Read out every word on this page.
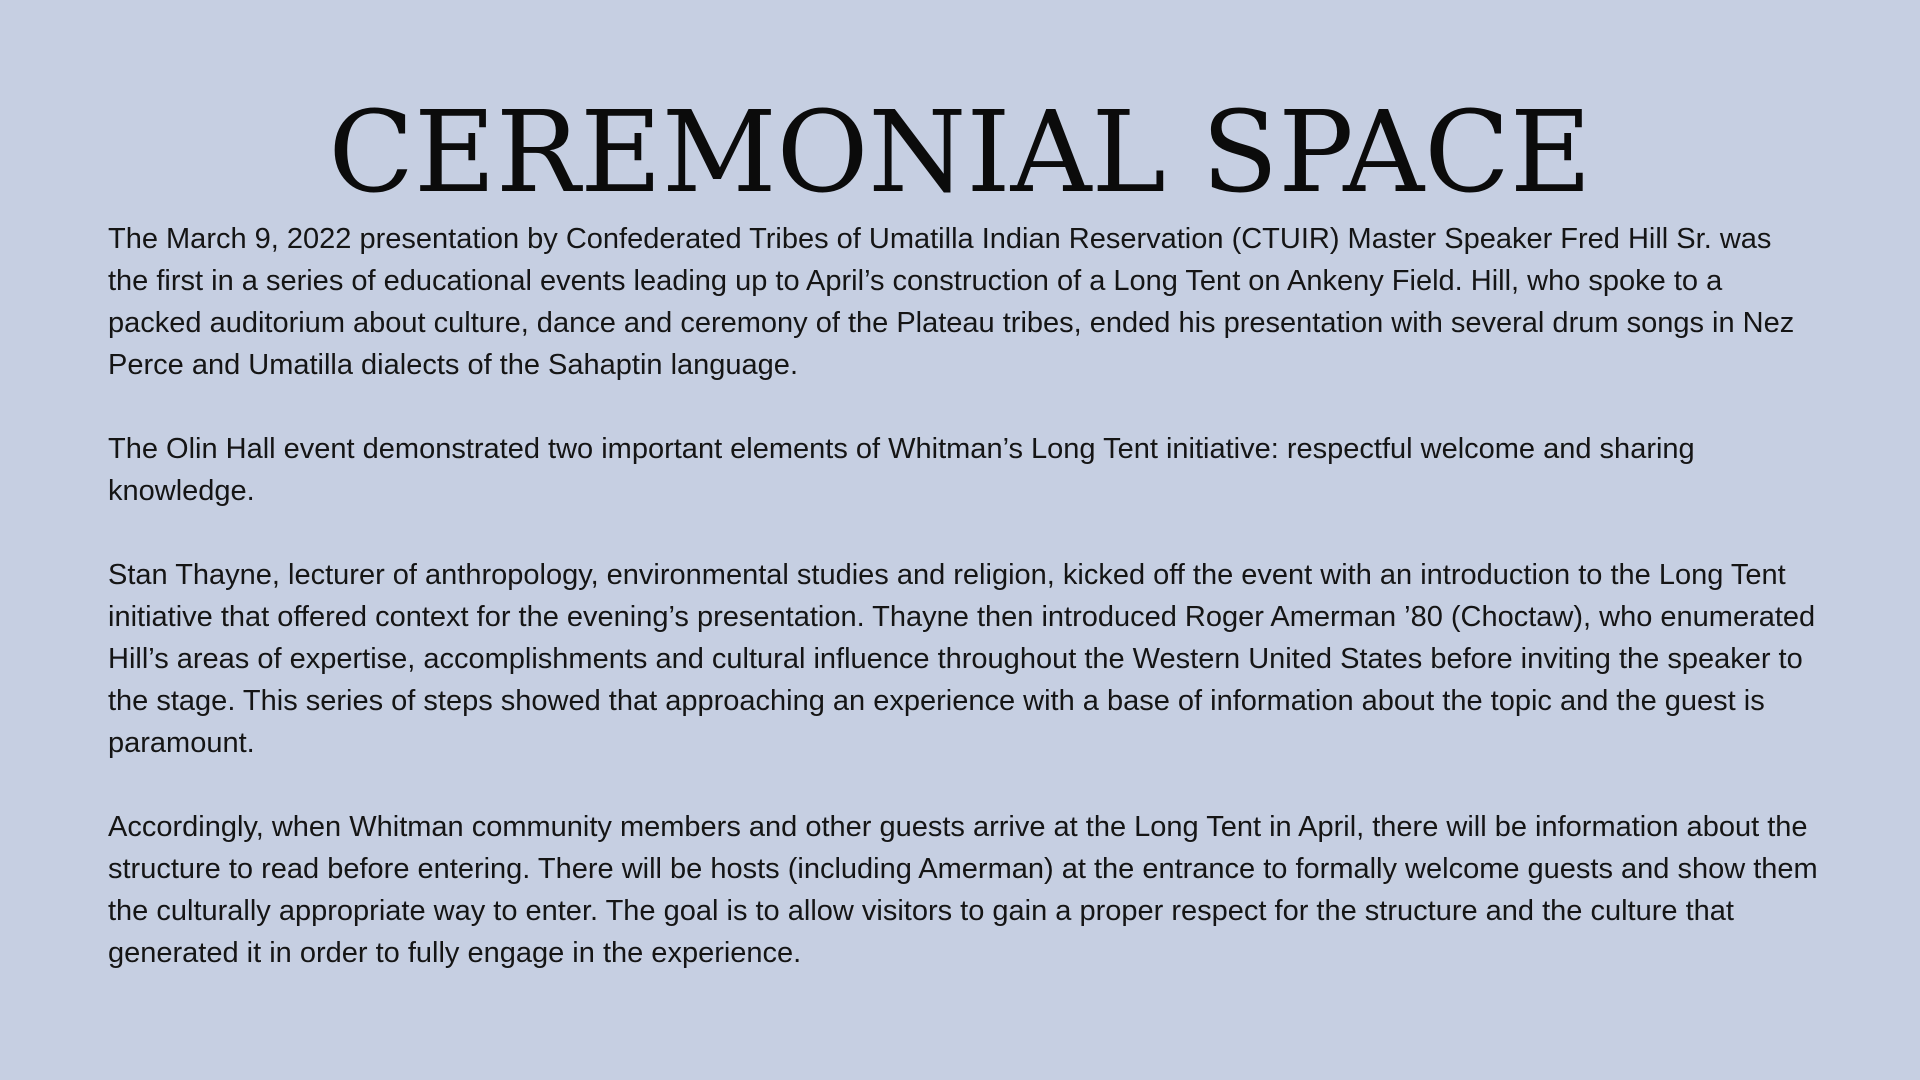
CEREMONIAL SPACE

The March 9, 2022 presentation by Confederated Tribes of Umatilla Indian Reservation (CTUIR) Master Speaker Fred Hill Sr. was the first in a series of educational events leading up to April’s construction of a Long Tent on Ankeny Field. Hill, who spoke to a packed auditorium about culture, dance and ceremony of the Plateau tribes, ended his presentation with several drum songs in Nez Perce and Umatilla dialects of the Sahaptin language.

The Olin Hall event demonstrated two important elements of Whitman’s Long Tent initiative: respectful welcome and sharing knowledge.

Stan Thayne, lecturer of anthropology, environmental studies and religion, kicked off the event with an introduction to the Long Tent initiative that offered context for the evening’s presentation. Thayne then introduced Roger Amerman ’80 (Choctaw), who enumerated Hill’s areas of expertise, accomplishments and cultural influence throughout the Western United States before inviting the speaker to the stage. This series of steps showed that approaching an experience with a base of information about the topic and the guest is paramount.

Accordingly, when Whitman community members and other guests arrive at the Long Tent in April, there will be information about the structure to read before entering. There will be hosts (including Amerman) at the entrance to formally welcome guests and show them the culturally appropriate way to enter. The goal is to allow visitors to gain a proper respect for the structure and the culture that generated it in order to fully engage in the experience.
